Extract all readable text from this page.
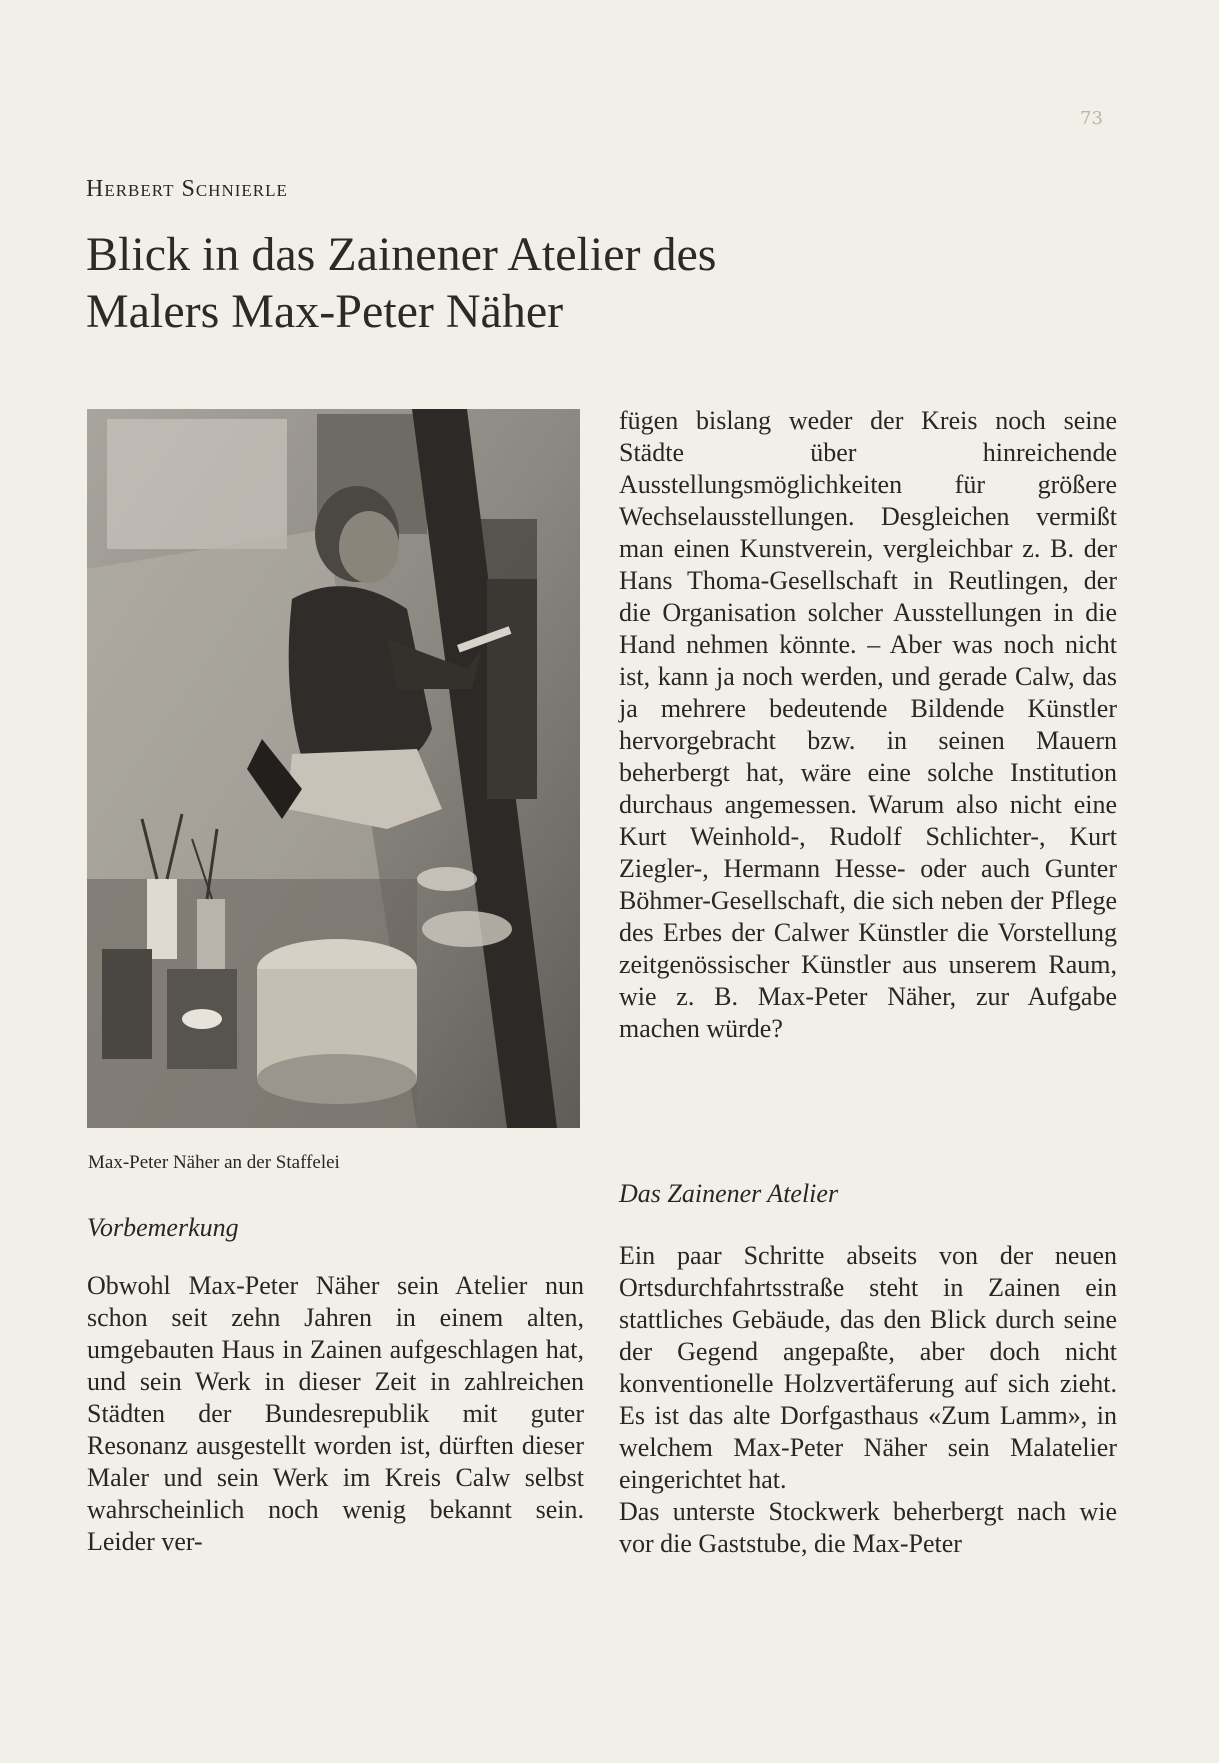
73
Herbert Schnierle
Blick in das Zainener Atelier des
Malers Max-Peter Näher
Max-Peter Näher an der Staffelei
Vorbemerkung

Obwohl Max-Peter Näher sein Atelier nun schon seit zehn Jahren in einem alten, umgebauten Haus in Zainen aufgeschlagen hat, und sein Werk in dieser Zeit in zahlreichen Städten der Bundesrepublik mit guter Resonanz ausgestellt worden ist, dürften dieser Maler und sein Werk im Kreis Calw selbst wahrscheinlich noch wenig bekannt sein. Leider ver-

fügen bislang weder der Kreis noch seine Städte über hinreichende Ausstellungsmöglichkeiten für größere Wechselausstellungen. Desgleichen vermißt man einen Kunstverein, vergleichbar z. B. der Hans Thoma-Gesellschaft in Reutlingen, der die Organisation solcher Ausstellungen in die Hand nehmen könnte. – Aber was noch nicht ist, kann ja noch werden, und gerade Calw, das ja mehrere bedeutende Bildende Künstler hervorgebracht bzw. in seinen Mauern beherbergt hat, wäre eine solche Institution durchaus angemessen. Warum also nicht eine Kurt Weinhold-, Rudolf Schlichter-, Kurt Ziegler-, Hermann Hesse- oder auch Gunter Böhmer-Gesellschaft, die sich neben der Pflege des Erbes der Calwer Künstler die Vorstellung zeitgenössischer Künstler aus unserem Raum, wie z. B. Max-Peter Näher, zur Aufgabe machen würde?

Das Zainener Atelier

Ein paar Schritte abseits von der neuen Ortsdurchfahrtsstraße steht in Zainen ein stattliches Gebäude, das den Blick durch seine der Gegend angepaßte, aber doch nicht konventionelle Holzvertäferung auf sich zieht. Es ist das alte Dorfgasthaus «Zum Lamm», in welchem Max-Peter Näher sein Malatelier eingerichtet hat.

Das unterste Stockwerk beherbergt nach wie vor die Gaststube, die Max-Peter
